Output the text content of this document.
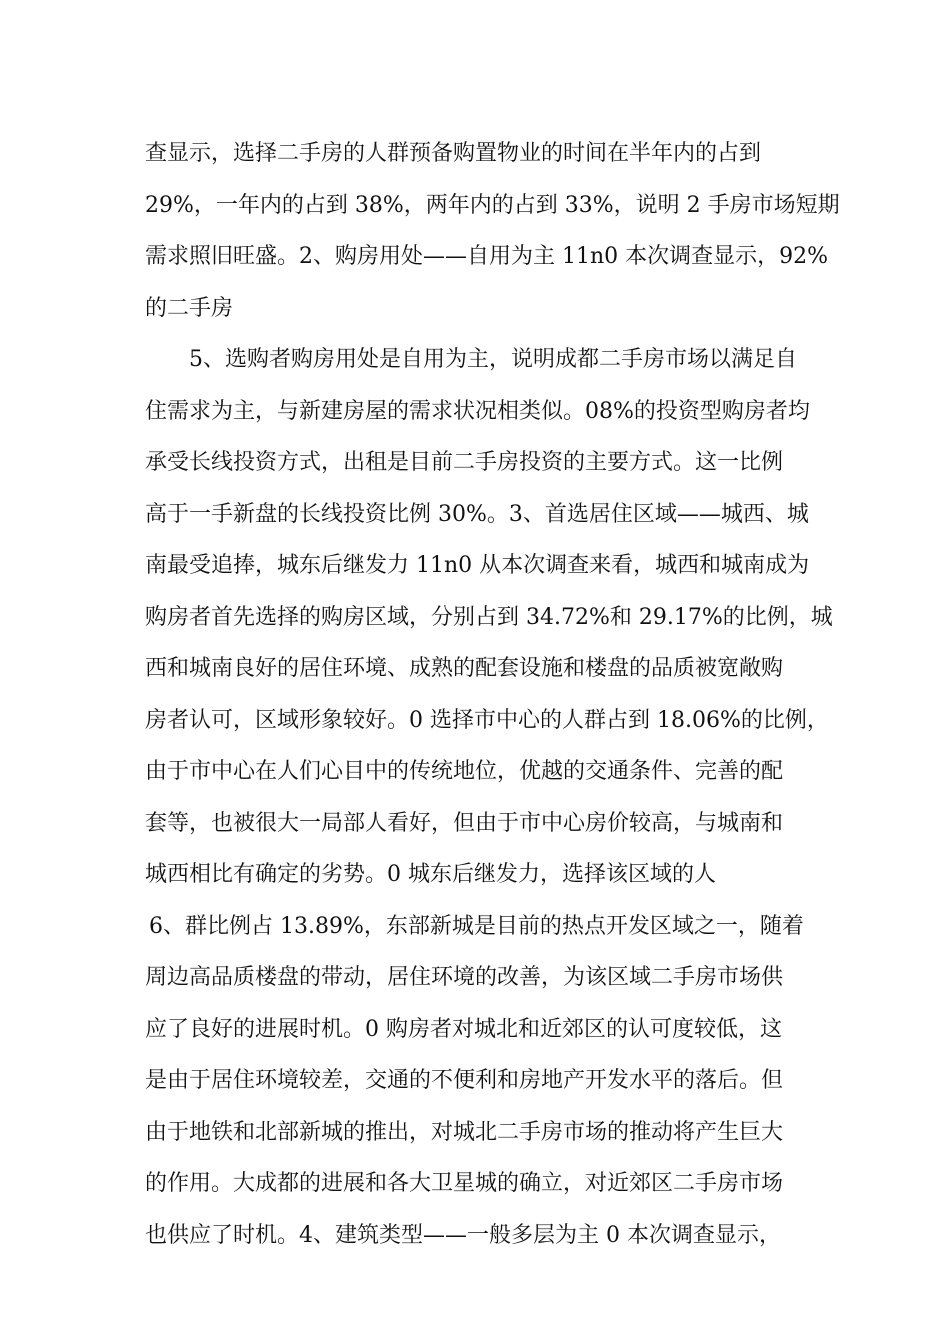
查显示，选择二手房的人群预备购置物业的时间在半年内的占到
29%，一年内的占到 38%，两年内的占到 33%，说明 2 手房市场短期
需求照旧旺盛。2、购房用处——自用为主 11n0 本次调查显示，92%
的二手房
5、选购者购房用处是自用为主，说明成都二手房市场以满足自
住需求为主，与新建房屋的需求状况相类似。08%的投资型购房者均
承受长线投资方式，出租是目前二手房投资的主要方式。这一比例
高于一手新盘的长线投资比例 30%。3、首选居住区域——城西、城
南最受追捧，城东后继发力 11n0 从本次调查来看，城西和城南成为
购房者首先选择的购房区域，分别占到 34.72%和 29.17%的比例，城
西和城南良好的居住环境、成熟的配套设施和楼盘的品质被宽敞购
房者认可，区域形象较好。0 选择市中心的人群占到 18.06%的比例，
由于市中心在人们心目中的传统地位，优越的交通条件、完善的配
套等，也被很大一局部人看好，但由于市中心房价较高，与城南和
城西相比有确定的劣势。0 城东后继发力，选择该区域的人
6、群比例占 13.89%，东部新城是目前的热点开发区域之一，随着
周边高品质楼盘的带动，居住环境的改善，为该区域二手房市场供
应了良好的进展时机。0 购房者对城北和近郊区的认可度较低，这
是由于居住环境较差，交通的不便利和房地产开发水平的落后。但
由于地铁和北部新城的推出，对城北二手房市场的推动将产生巨大
的作用。大成都的进展和各大卫星城的确立，对近郊区二手房市场
也供应了时机。4、建筑类型——一般多层为主 0 本次调查显示，
